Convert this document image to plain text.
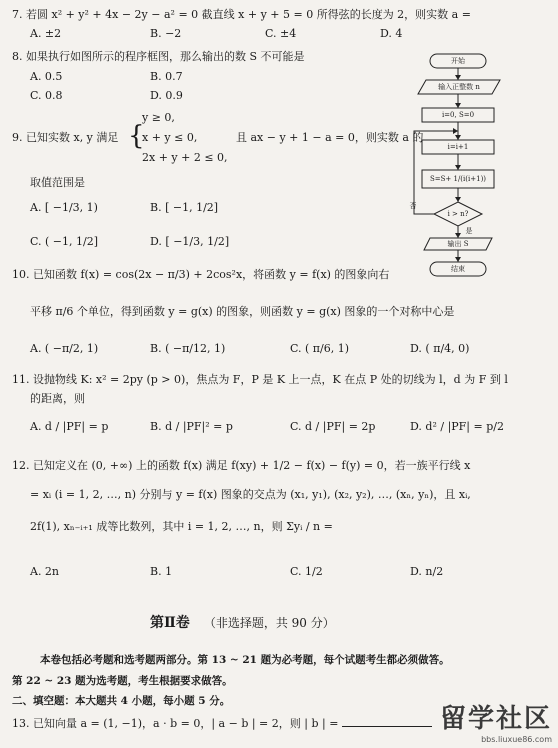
7. 若圆 x² + y² + 4x − 2y − a² = 0 截直线 x + y + 5 = 0 所得弦的长度为 2，则实数 a =
A. ±2	B. −2	C. ±4	D. 4
8. 如果执行如图所示的程序框图，那么输出的数 S 不可能是
A. 0.5	B. 0.7
C. 0.8	D. 0.9
9. 已知实数 x, y 满足 {
y ≥ 0,
x + y ≤ 0,
2x + y + 2 ≤ 0,
且 ax − y + 1 − a = 0，则实数 a 的
取值范围是
A. [ −1/3, 1)	B. [ −1, 1/2]
C. ( −1, 1/2]	D. [ −1/3, 1/2]
开始
输入正整数 n
i=0, S=0
i=i+1
S=S+ 1/(i(i+1))
i > n?
否
是
输出 S
结束
10. 已知函数 f(x) = cos(2x − π/3) + 2cos²x，将函数 y = f(x) 的图象向右
平移 π/6 个单位，得到函数 y = g(x) 的图象，则函数 y = g(x) 图象的一个对称中心是
A. ( −π/2, 1)	B. ( −π/12, 1)	C. ( π/6, 1)	D. ( π/4, 0)
11. 设抛物线 K: x² = 2py (p > 0)，焦点为 F，P 是 K 上一点，K 在点 P 处的切线为 l，d 为 F 到 l
的距离，则
A. d / |PF| = p	B. d / |PF|² = p	C. d / |PF| = 2p	D. d² / |PF| = p/2
12. 已知定义在 (0, +∞) 上的函数 f(x) 满足 f(xy) + 1/2 − f(x) − f(y) = 0，若一族平行线 x
= xᵢ (i = 1, 2, …, n) 分别与 y = f(x) 图象的交点为 (x₁, y₁), (x₂, y₂), …, (xₙ, yₙ)，且 xᵢ,
2f(1), xₙ₋ᵢ₊₁ 成等比数列，其中 i = 1, 2, …, n，则 Σyᵢ / n =
A. 2n	B. 1	C. 1/2	D. n/2
第Ⅱ卷 （非选择题，共 90 分）
本卷包括必考题和选考题两部分。第 13 ~ 21 题为必考题，每个试题考生都必须做答。
第 22 ~ 23 题为选考题，考生根据要求做答。
二、填空题：本大题共 4 小题，每小题 5 分。
13. 已知向量 a = (1, −1)，a · b = 0，| a − b | = 2，则 | b | =	留学社区
bbs.liuxue86.com
